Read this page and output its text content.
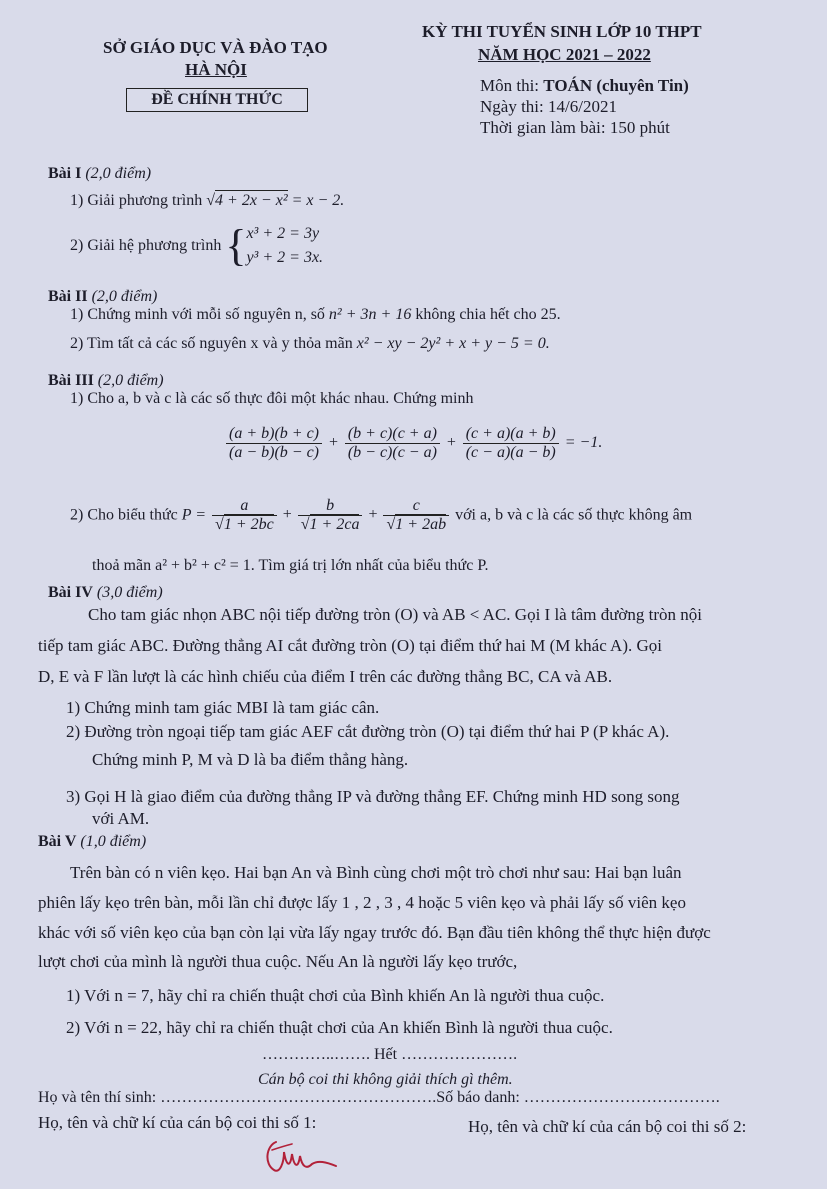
SỞ GIÁO DỤC VÀ ĐÀO TẠO
HÀ NỘI
ĐỀ CHÍNH THỨC
KỲ THI TUYỂN SINH LỚP 10 THPT
NĂM HỌC 2021 – 2022
Môn thi: TOÁN (chuyên Tin)
Ngày thi: 14/6/2021
Thời gian làm bài: 150 phút
Bài I (2,0 điểm)
1) Giải phương trình √4 + 2x − x² = x − 2.
2) Giải hệ phương trình { x³ + 2 = 3y
y³ + 2 = 3x.
Bài II (2,0 điểm)
1) Chứng minh với mỗi số nguyên n, số n² + 3n + 16 không chia hết cho 25.
2) Tìm tất cả các số nguyên x và y thỏa mãn x² − xy − 2y² + x + y − 5 = 0.
Bài III (2,0 điểm)
1) Cho a, b và c là các số thực đôi một khác nhau. Chứng minh
$\frac{(a + b)(b + c)}{(a - b)(b - c)} + \frac{(b + c)(c + a)}{(b - c)(c - a)} + \frac{(c + a)(a + b)}{(c - a)(a - b)} = -1$.
2) Cho biểu thức $P = \frac{a}{√1 + 2bc} + \frac{b}{√1 + 2ca} + \frac{c}{√1 + 2ab}$ với a, b và c là các số thực không âm
thoả mãn a² + b² + c² = 1. Tìm giá trị lớn nhất của biểu thức P.
Bài IV (3,0 điểm)
Cho tam giác nhọn ABC nội tiếp đường tròn (O) và AB < AC. Gọi I là tâm đường tròn nội
tiếp tam giác ABC. Đường thẳng AI cắt đường tròn (O) tại điểm thứ hai M (M khác A). Gọi
D, E và F lần lượt là các hình chiếu của điểm I trên các đường thẳng BC, CA và AB.
1) Chứng minh tam giác MBI là tam giác cân.
2) Đường tròn ngoại tiếp tam giác AEF cắt đường tròn (O) tại điểm thứ hai P (P khác A).
Chứng minh P, M và D là ba điểm thẳng hàng.
3) Gọi H là giao điểm của đường thẳng IP và đường thẳng EF. Chứng minh HD song song
với AM.
Bài V (1,0 điểm)
Trên bàn có n viên kẹo. Hai bạn An và Bình cùng chơi một trò chơi như sau: Hai bạn luân
phiên lấy kẹo trên bàn, mỗi lần chỉ được lấy 1 , 2 , 3 , 4 hoặc 5 viên kẹo và phải lấy số viên kẹo
khác với số viên kẹo của bạn còn lại vừa lấy ngay trước đó. Bạn đầu tiên không thể thực hiện được
lượt chơi của mình là người thua cuộc. Nếu An là người lấy kẹo trước,
1) Với n = 7, hãy chỉ ra chiến thuật chơi của Bình khiến An là người thua cuộc.
2) Với n = 22, hãy chỉ ra chiến thuật chơi của An khiến Bình là người thua cuộc.
…………..……. Hết ………………….
Cán bộ coi thi không giải thích gì thêm.
Họ và tên thí sinh: …………………………………………….Số báo danh: ……………………………….
Họ, tên và chữ kí của cán bộ coi thi số 1:	Họ, tên và chữ kí của cán bộ coi thi số 2:
